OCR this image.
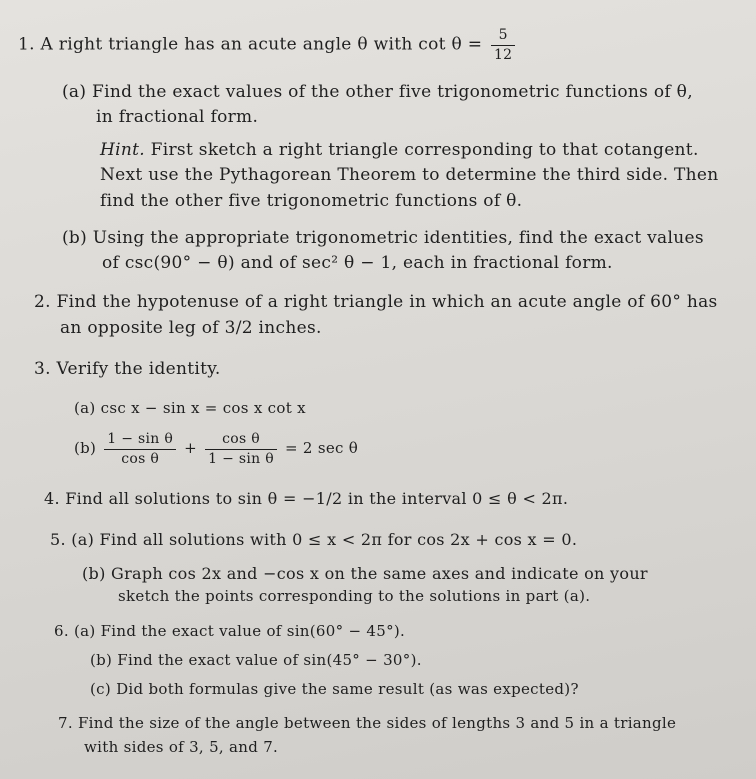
1. A right triangle has an acute angle θ with $\cot \theta = \frac{5}{12}$
(a) Find the exact values of the other five trigonometric functions of θ,
in fractional form.
Hint. First sketch a right triangle corresponding to that cotangent.
Next use the Pythagorean Theorem to determine the third side. Then
find the other five trigonometric functions of θ.
(b) Using the appropriate trigonometric identities, find the exact values
of csc(90° − θ) and of sec² θ − 1, each in fractional form.
2. Find the hypotenuse of a right triangle in which an acute angle of 60° has
an opposite leg of 3/2 inches.
3. Verify the identity.
(a) csc x − sin x = cos x cot x
$(b) \frac{\text{1 − sin θ}}{\text{cos θ}} + \frac{\text{cos θ}}{\text{1 − sin θ}} = 2$ sec θ
4. Find all solutions to sin θ = −1/2 in the interval 0 ≤ θ < 2π.
5. (a) Find all solutions with 0 ≤ x < 2π for cos 2x + cos x = 0.
(b) Graph cos 2x and −cos x on the same axes and indicate on your
sketch the points corresponding to the solutions in part (a).
6. (a) Find the exact value of sin(60° − 45°).
(b) Find the exact value of sin(45° − 30°).
(c) Did both formulas give the same result (as was expected)?
7. Find the size of the angle between the sides of lengths 3 and 5 in a triangle
with sides of 3, 5, and 7.
